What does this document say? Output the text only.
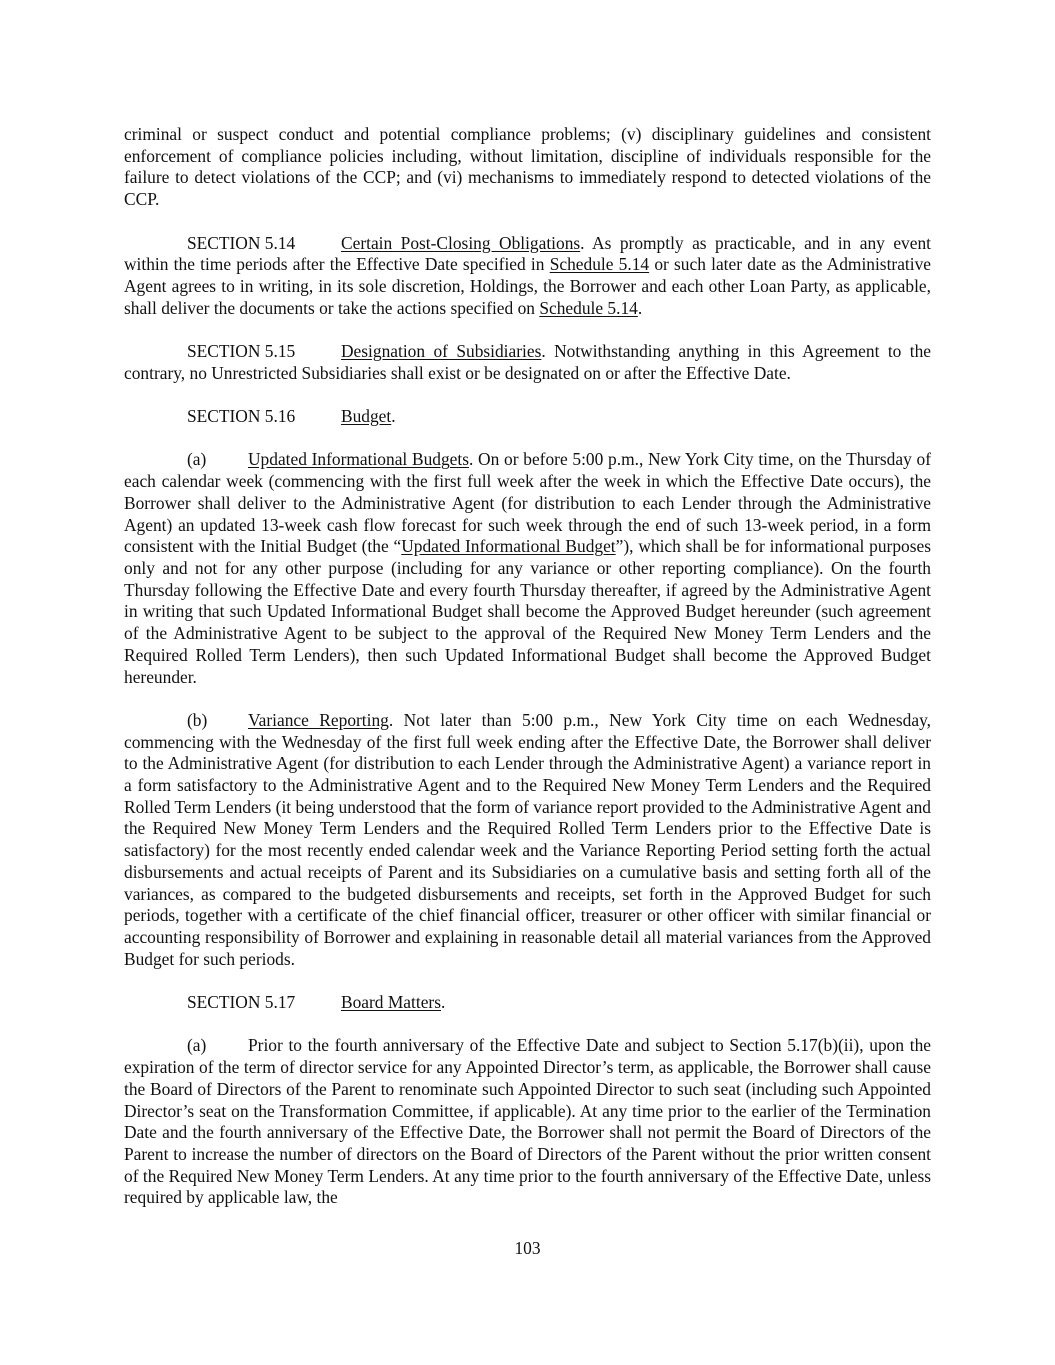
criminal or suspect conduct and potential compliance problems; (v) disciplinary guidelines and consistent enforcement of compliance policies including, without limitation, discipline of individuals responsible for the failure to detect violations of the CCP; and (vi) mechanisms to immediately respond to detected violations of the CCP.

SECTION 5.14	Certain Post-Closing Obligations. As promptly as practicable, and in any event within the time periods after the Effective Date specified in Schedule 5.14 or such later date as the Administrative Agent agrees to in writing, in its sole discretion, Holdings, the Borrower and each other Loan Party, as applicable, shall deliver the documents or take the actions specified on Schedule 5.14.

SECTION 5.15	Designation of Subsidiaries. Notwithstanding anything in this Agreement to the contrary, no Unrestricted Subsidiaries shall exist or be designated on or after the Effective Date.

SECTION 5.16	Budget.

(a) Updated Informational Budgets. On or before 5:00 p.m., New York City time, on the Thursday of each calendar week (commencing with the first full week after the week in which the Effective Date occurs), the Borrower shall deliver to the Administrative Agent (for distribution to each Lender through the Administrative Agent) an updated 13-week cash flow forecast for such week through the end of such 13-week period, in a form consistent with the Initial Budget (the “Updated Informational Budget”), which shall be for informational purposes only and not for any other purpose (including for any variance or other reporting compliance). On the fourth Thursday following the Effective Date and every fourth Thursday thereafter, if agreed by the Administrative Agent in writing that such Updated Informational Budget shall become the Approved Budget hereunder (such agreement of the Administrative Agent to be subject to the approval of the Required New Money Term Lenders and the Required Rolled Term Lenders), then such Updated Informational Budget shall become the Approved Budget hereunder.

(b) Variance Reporting. Not later than 5:00 p.m., New York City time on each Wednesday, commencing with the Wednesday of the first full week ending after the Effective Date, the Borrower shall deliver to the Administrative Agent (for distribution to each Lender through the Administrative Agent) a variance report in a form satisfactory to the Administrative Agent and to the Required New Money Term Lenders and the Required Rolled Term Lenders (it being understood that the form of variance report provided to the Administrative Agent and the Required New Money Term Lenders and the Required Rolled Term Lenders prior to the Effective Date is satisfactory) for the most recently ended calendar week and the Variance Reporting Period setting forth the actual disbursements and actual receipts of Parent and its Subsidiaries on a cumulative basis and setting forth all of the variances, as compared to the budgeted disbursements and receipts, set forth in the Approved Budget for such periods, together with a certificate of the chief financial officer, treasurer or other officer with similar financial or accounting responsibility of Borrower and explaining in reasonable detail all material variances from the Approved Budget for such periods.

SECTION 5.17	Board Matters.

(a) Prior to the fourth anniversary of the Effective Date and subject to Section 5.17(b)(ii), upon the expiration of the term of director service for any Appointed Director’s term, as applicable, the Borrower shall cause the Board of Directors of the Parent to renominate such Appointed Director to such seat (including such Appointed Director’s seat on the Transformation Committee, if applicable). At any time prior to the earlier of the Termination Date and the fourth anniversary of the Effective Date, the Borrower shall not permit the Board of Directors of the Parent to increase the number of directors on the Board of Directors of the Parent without the prior written consent of the Required New Money Term Lenders. At any time prior to the fourth anniversary of the Effective Date, unless required by applicable law, the

103
